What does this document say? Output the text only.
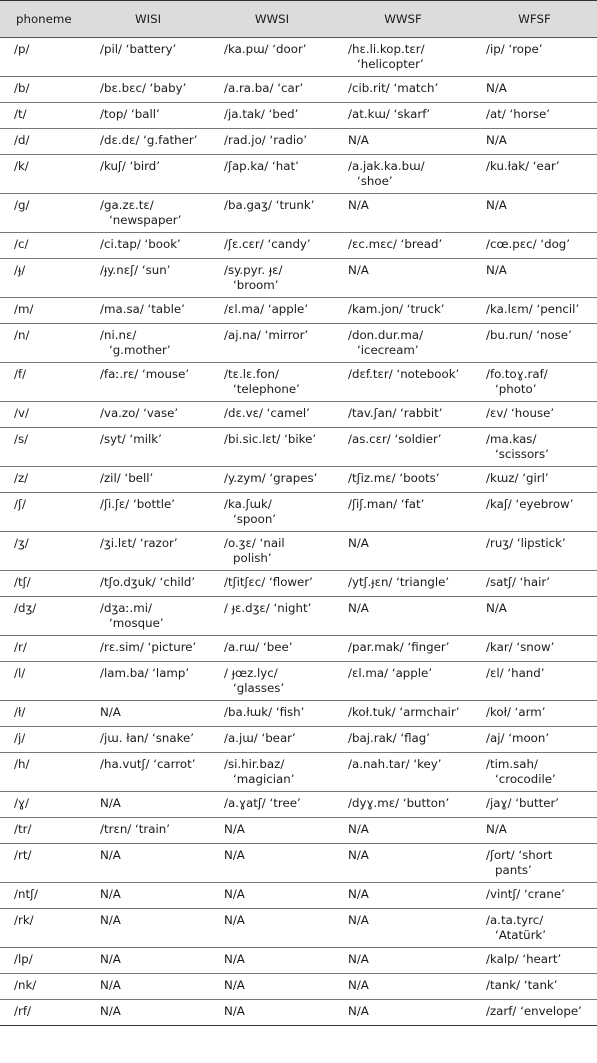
phoneme	WISI	WWSI	WWSF	WFSF
/p/	/pil/ ‘battery’	/ka.pɯ/ ‘door’	/hɛ.li.kop.tɛr/
‘helicopter’	/ip/ ‘rope’

/b/	/bɛ.bɛc/ ‘baby’	/a.ra.ba/ ‘car’	/cib.rit/ ‘match’	N/A

/t/	/top/ ‘ball’	/ja.tak/ ‘bed’	/at.kɯ/ ‘skarf’	/at/ ‘horse’

/d/	/dɛ.dɛ/ ‘g.father’	/rad.jo/ ‘radio’	N/A	N/A

/k/	/kuʃ/ ‘bird’	/ʃap.ka/ ‘hat’	/a.jak.ka.bɯ/
‘shoe’	/ku.łak/ ‘ear’

/g/	/ga.zɛ.tɛ/
‘newspaper’	/ba.gaʒ/ ‘trunk’	N/A	N/A

/c/	/ci.tap/ ‘book’	/ʃɛ.cɛr/ ‘candy’	/ɛc.mɛc/ ‘bread’	/cœ.pɛc/ ‘dog’

/ɟ/	/ɟy.nɛʃ/ ‘sun’	/sy.pyr. ɟɛ/
‘broom’	N/A	N/A

/m/	/ma.sa/ ‘table’	/ɛl.ma/ ‘apple’	/kam.jon/ ‘truck’	/ka.lɛm/ ‘pencil’

/n/	/ni.nɛ/
‘g.mother’	/aj.na/ ‘mirror’	/don.dur.ma/
‘icecream’	/bu.run/ ‘nose’

/f/	/faː.rɛ/ ‘mouse’	/tɛ.lɛ.fon/
‘telephone’	/dɛf.tɛr/ ‘notebook’	/fo.toɣ.raf/
‘photo’

/v/	/va.zo/ ‘vase’	/dɛ.vɛ/ ‘camel’	/tav.ʃan/ ‘rabbit’	/ɛv/ ‘house’

/s/	/syt/ ‘milk’	/bi.sic.lɛt/ ‘bike’	/as.cɛr/ ‘soldier’	/ma.kas/
‘scissors’

/z/	/zil/ ‘bell’	/y.zym/ ‘grapes’	/tʃiz.mɛ/ ‘boots’	/kɯz/ ‘girl’

/ʃ/	/ʃi.ʃɛ/ ‘bottle’	/ka.ʃɯk/
‘spoon’	/ʃiʃ.man/ ‘fat’	/kaʃ/ ‘eyebrow’

/ʒ/	/ʒi.lɛt/ ‘razor’	/o.ʒɛ/ ‘nail
polish’	N/A	/ruʒ/ ‘lipstick’

/tʃ/	/tʃo.dʒuk/ ‘child’	/tʃitʃɛc/ ‘flower’	/ytʃ.ɟɛn/ ‘triangle’	/satʃ/ ‘hair’

/dʒ/	/dʒaː.mi/
‘mosque’	/ ɟɛ.dʒɛ/ ‘night’	N/A	N/A

/r/	/rɛ.sim/ ‘picture’	/a.rɯ/ ‘bee’	/par.mak/ ‘finger’	/kar/ ‘snow’

/l/	/lam.ba/ ‘lamp’	/ ɟœz.lyc/
‘glasses’	/ɛl.ma/ ‘apple’	/ɛl/ ‘hand’

/ł/	N/A	/ba.łɯk/ ‘fish’	/koł.tuk/ ‘armchair’	/koł/ ‘arm’

/j/	/jɯ. łan/ ‘snake’	/a.jɯ/ ‘bear’	/baj.rak/ ‘flag’	/aj/ ‘moon’

/h/	/ha.vutʃ/ ‘carrot’	/si.hir.baz/
‘magician’	/a.nah.tar/ ‘key’	/tim.sah/
‘crocodile’

/ɣ/	N/A	/a.ɣatʃ/ ‘tree’	/dyɣ.mɛ/ ‘button’	/jaɣ/ ‘butter’

/tr/	/trɛn/ ‘train’	N/A	N/A	N/A

/rt/	N/A	N/A	N/A	/ʃort/ ‘short
pants’

/ntʃ/	N/A	N/A	N/A	/vintʃ/ ‘crane’

/rk/	N/A	N/A	N/A	/a.ta.tyrc/
‘Atatürk’

/lp/	N/A	N/A	N/A	/kalp/ ‘heart’

/nk/	N/A	N/A	N/A	/tank/ ‘tank’

/rf/	N/A	N/A	N/A	/zarf/ ‘envelope’
